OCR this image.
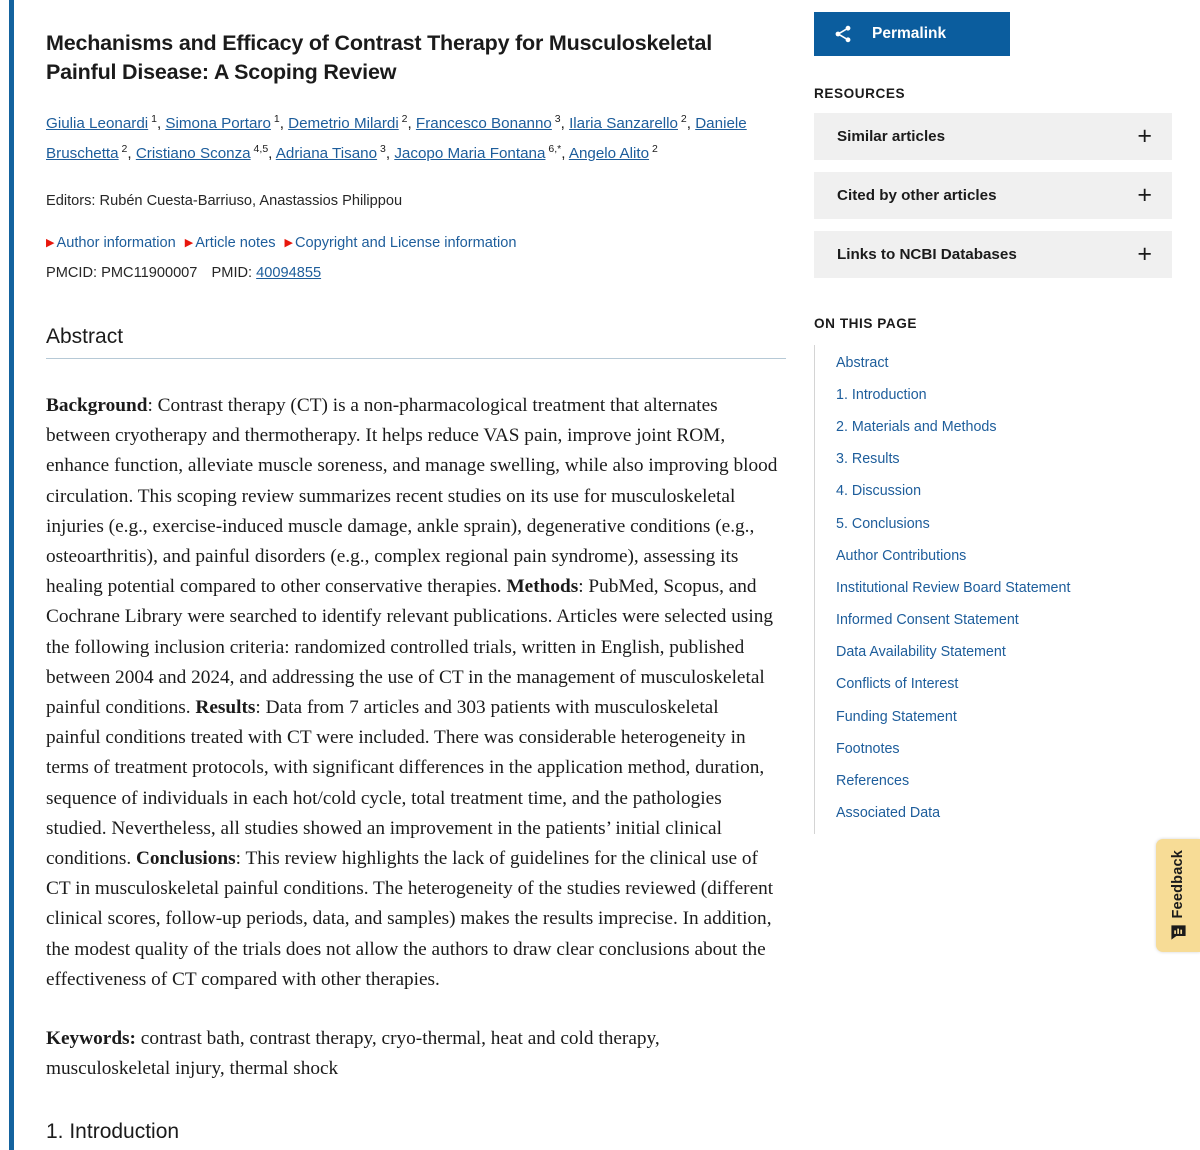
Mechanisms and Efficacy of Contrast Therapy for Musculoskeletal Painful Disease: A Scoping Review
Giulia Leonardi $^1$, Simona Portaro $^1$, Demetrio Milardi $^2$, Francesco Bonanno $^3$, Ilaria Sanzarello $^2$, Daniele Bruschetta $^2$, Cristiano Sconza $^{4,5}$, Adriana Tisano $^3$, Jacopo Maria Fontana $^{6,*}$, Angelo Alito $^2$
Editors: Rubén Cuesta-Barriuso, Anastassios Philippou
▶ Author information ▶ Article notes ▶ Copyright and License information
PMCID: PMC11900007 PMID: 40094855
Abstract
Background: Contrast therapy (CT) is a non-pharmacological treatment that alternates between cryotherapy and thermotherapy. It helps reduce VAS pain, improve joint ROM, enhance function, alleviate muscle soreness, and manage swelling, while also improving blood circulation. This scoping review summarizes recent studies on its use for musculoskeletal injuries (e.g., exercise-induced muscle damage, ankle sprain), degenerative conditions (e.g., osteoarthritis), and painful disorders (e.g., complex regional pain syndrome), assessing its healing potential compared to other conservative therapies. Methods: PubMed, Scopus, and Cochrane Library were searched to identify relevant publications. Articles were selected using the following inclusion criteria: randomized controlled trials, written in English, published between 2004 and 2024, and addressing the use of CT in the management of musculoskeletal painful conditions. Results: Data from 7 articles and 303 patients with musculoskeletal painful conditions treated with CT were included. There was considerable heterogeneity in terms of treatment protocols, with significant differences in the application method, duration, sequence of individuals in each hot/cold cycle, total treatment time, and the pathologies studied. Nevertheless, all studies showed an improvement in the patients’ initial clinical conditions. Conclusions: This review highlights the lack of guidelines for the clinical use of CT in musculoskeletal painful conditions. The heterogeneity of the studies reviewed (different clinical scores, follow-up periods, data, and samples) makes the results imprecise. In addition, the modest quality of the trials does not allow the authors to draw clear conclusions about the effectiveness of CT compared with other therapies.
Keywords: contrast bath, contrast therapy, cryo-thermal, heat and cold therapy, musculoskeletal injury, thermal shock
1. Introduction
Permalink
RESOURCES
Similar articles	+
Cited by other articles	+
Links to NCBI Databases	+
ON THIS PAGE
Abstract
1. Introduction
2. Materials and Methods
3. Results
4. Discussion
5. Conclusions
Author Contributions
Institutional Review Board Statement
Informed Consent Statement
Data Availability Statement
Conflicts of Interest
Funding Statement
Footnotes
References
Associated Data
Feedback
